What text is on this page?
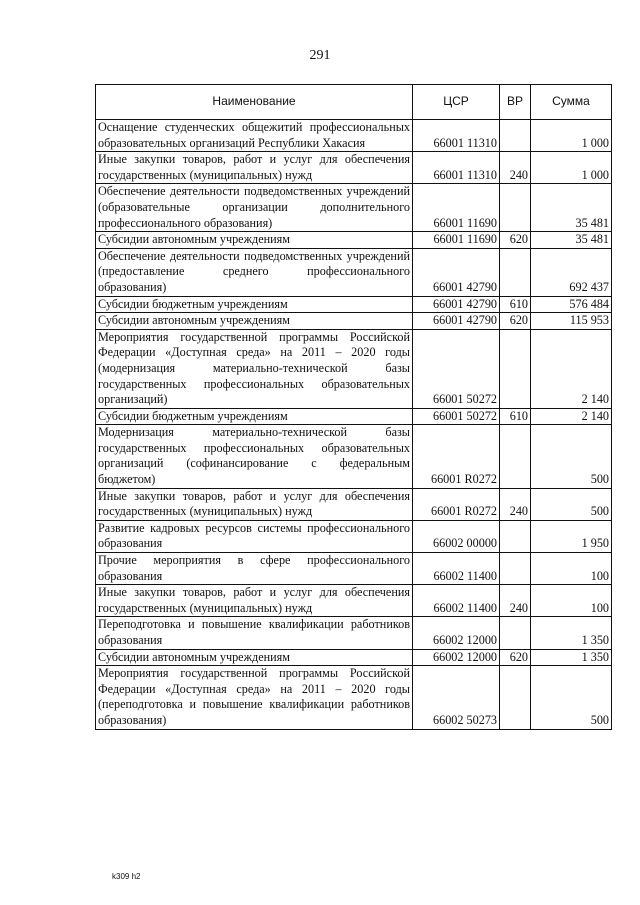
291
Наименование	ЦСР	ВР	Сумма
Оснащение студенческих общежитий профессиональных образовательных организаций Республики Хакасия	66001 11310		1 000
Иные закупки товаров, работ и услуг для обеспечения государственных (муниципальных) нужд	66001 11310	240	1 000
Обеспечение деятельности подведомственных учреждений (образовательные организации дополнительного профессионального образования)	66001 11690		35 481
Субсидии автономным учреждениям	66001 11690	620	35 481
Обеспечение деятельности подведомственных учреждений (предоставление среднего профессионального образования)	66001 42790		692 437
Субсидии бюджетным учреждениям	66001 42790	610	576 484
Субсидии автономным учреждениям	66001 42790	620	115 953
Мероприятия государственной программы Российской Федерации «Доступная среда» на 2011 – 2020 годы (модернизация материально-технической базы государственных профессиональных образовательных организаций)	66001 50272		2 140
Субсидии бюджетным учреждениям	66001 50272	610	2 140
Модернизация материально-технической базы государственных профессиональных образовательных организаций (софинансирование с федеральным бюджетом)	66001 R0272		500
Иные закупки товаров, работ и услуг для обеспечения государственных (муниципальных) нужд	66001 R0272	240	500
Развитие кадровых ресурсов системы профессионального образования	66002 00000		1 950
Прочие мероприятия в сфере профессионального образования	66002 11400		100
Иные закупки товаров, работ и услуг для обеспечения государственных (муниципальных) нужд	66002 11400	240	100
Переподготовка и повышение квалификации работников образования	66002 12000		1 350
Субсидии автономным учреждениям	66002 12000	620	1 350
Мероприятия государственной программы Российской Федерации «Доступная среда» на 2011 – 2020 годы (переподготовка и повышение квалификации работников образования)	66002 50273		500
k309 h2
